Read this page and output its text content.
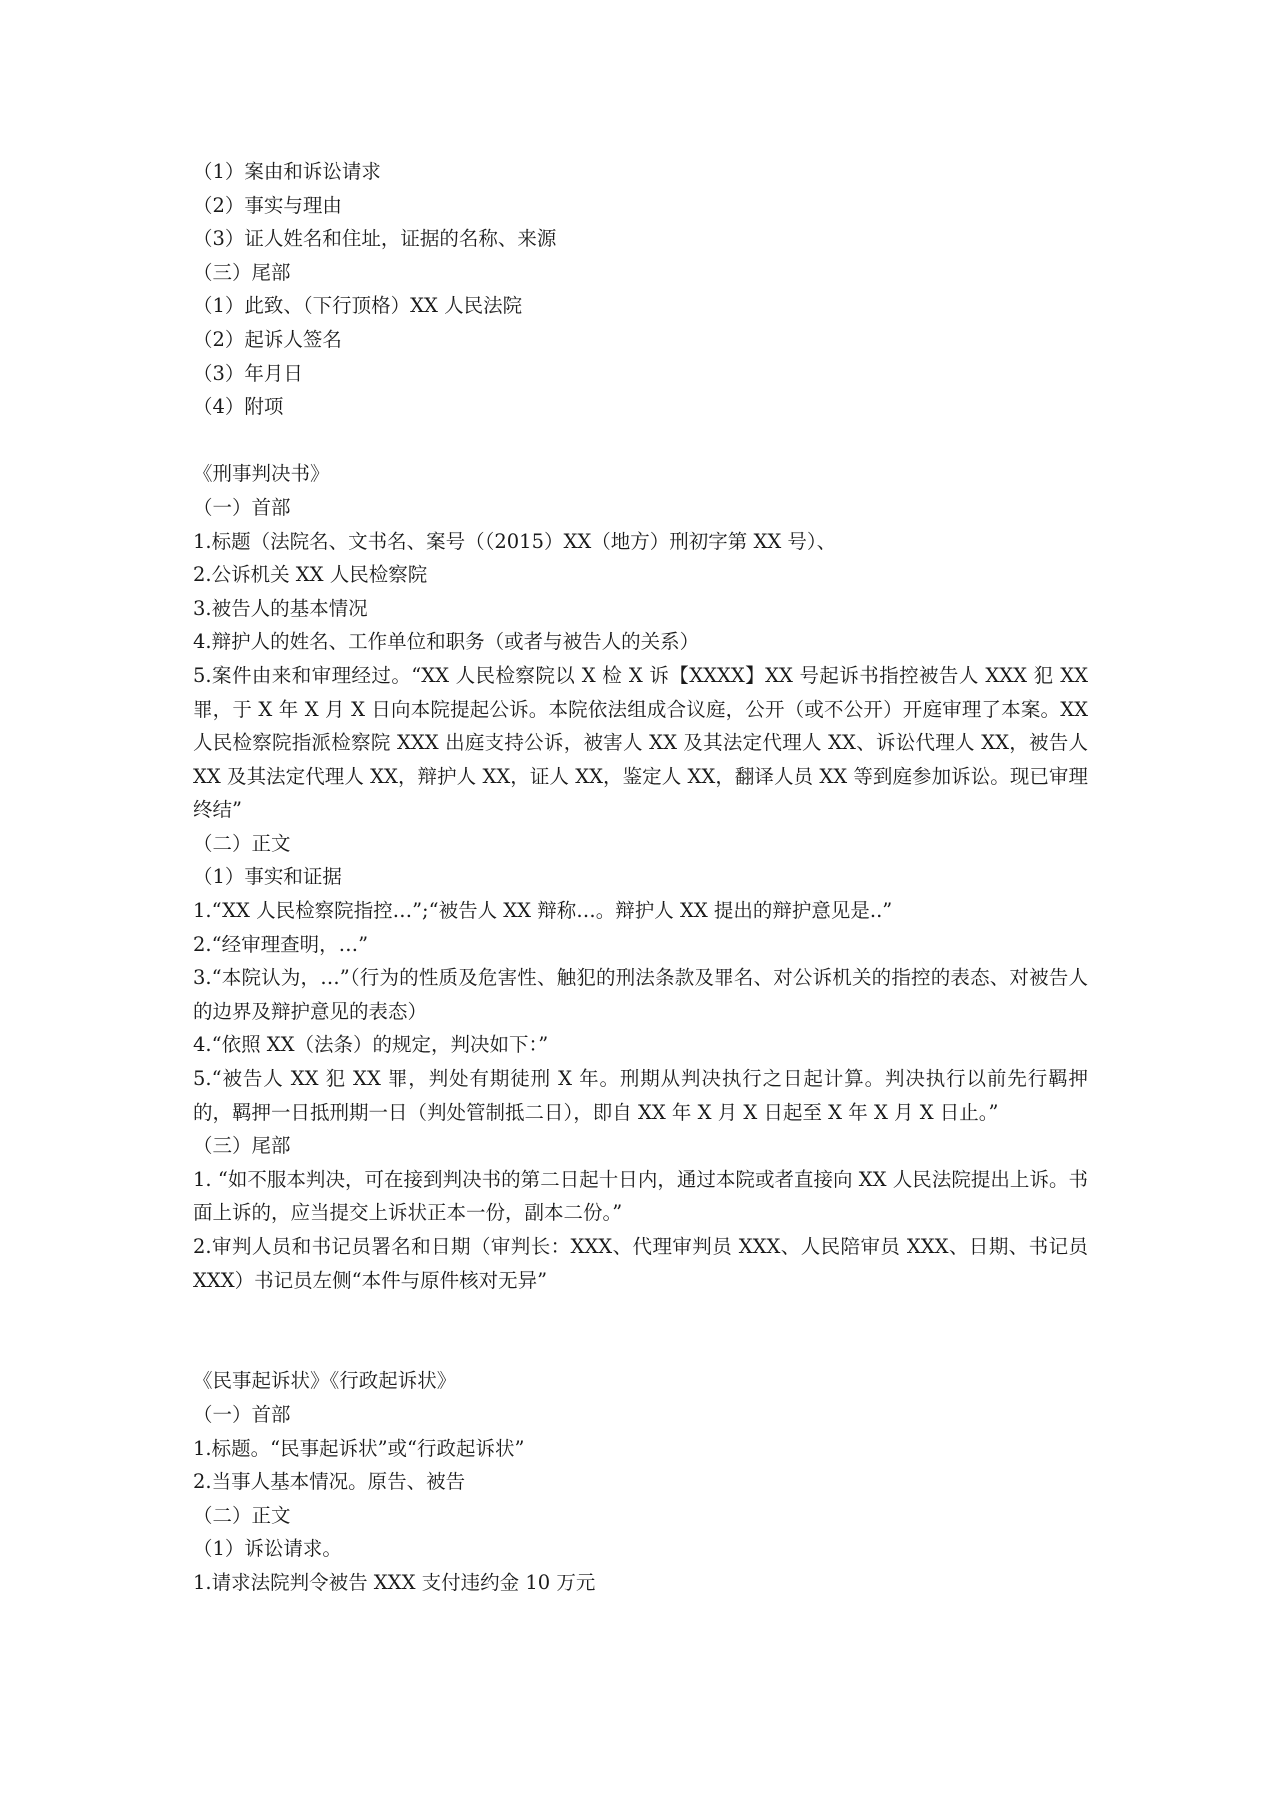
（1）案由和诉讼请求

（2）事实与理由

（3）证人姓名和住址，证据的名称、来源

（三）尾部

（1）此致、（下行顶格）XX 人民法院

（2）起诉人签名

（3）年月日

（4）附项

《刑事判决书》

（一）首部

1.标题（法院名、文书名、案号（（2015）XX（地方）刑初字第 XX 号）、

2.公诉机关 XX 人民检察院

3.被告人的基本情况

4.辩护人的姓名、工作单位和职务（或者与被告人的关系）

5.案件由来和审理经过。“XX 人民检察院以 X 检 X 诉【XXXX】XX 号起诉书指控被告人 XXX 犯 XX 罪，于 X 年 X 月 X 日向本院提起公诉。本院依法组成合议庭，公开（或不公开）开庭审理了本案。XX 人民检察院指派检察院 XXX 出庭支持公诉，被害人 XX 及其法定代理人 XX、诉讼代理人 XX，被告人 XX 及其法定代理人 XX，辩护人 XX，证人 XX，鉴定人 XX，翻译人员 XX 等到庭参加诉讼。现已审理终结”

（二）正文

（1）事实和证据

1.“XX 人民检察院指控…”;“被告人 XX 辩称…。辩护人 XX 提出的辩护意见是..”

2.“经审理查明，…”

3.“本院认为，…”（行为的性质及危害性、触犯的刑法条款及罪名、对公诉机关的指控的表态、对被告人的边界及辩护意见的表态）

4.“依照 XX（法条）的规定，判决如下：”

5.“被告人 XX 犯 XX 罪，判处有期徒刑 X 年。刑期从判决执行之日起计算。判决执行以前先行羁押的，羁押一日抵刑期一日（判处管制抵二日），即自 XX 年 X 月 X 日起至 X 年 X 月 X 日止。”

（三）尾部

1. “如不服本判决，可在接到判决书的第二日起十日内，通过本院或者直接向 XX 人民法院提出上诉。书面上诉的，应当提交上诉状正本一份，副本二份。”

2.审判人员和书记员署名和日期（审判长：XXX、代理审判员 XXX、人民陪审员 XXX、日期、书记员 XXX）书记员左侧“本件与原件核对无异”

《民事起诉状》《行政起诉状》

（一）首部

1.标题。“民事起诉状”或“行政起诉状”

2.当事人基本情况。原告、被告

（二）正文

（1）诉讼请求。

1.请求法院判令被告 XXX 支付违约金 10 万元
